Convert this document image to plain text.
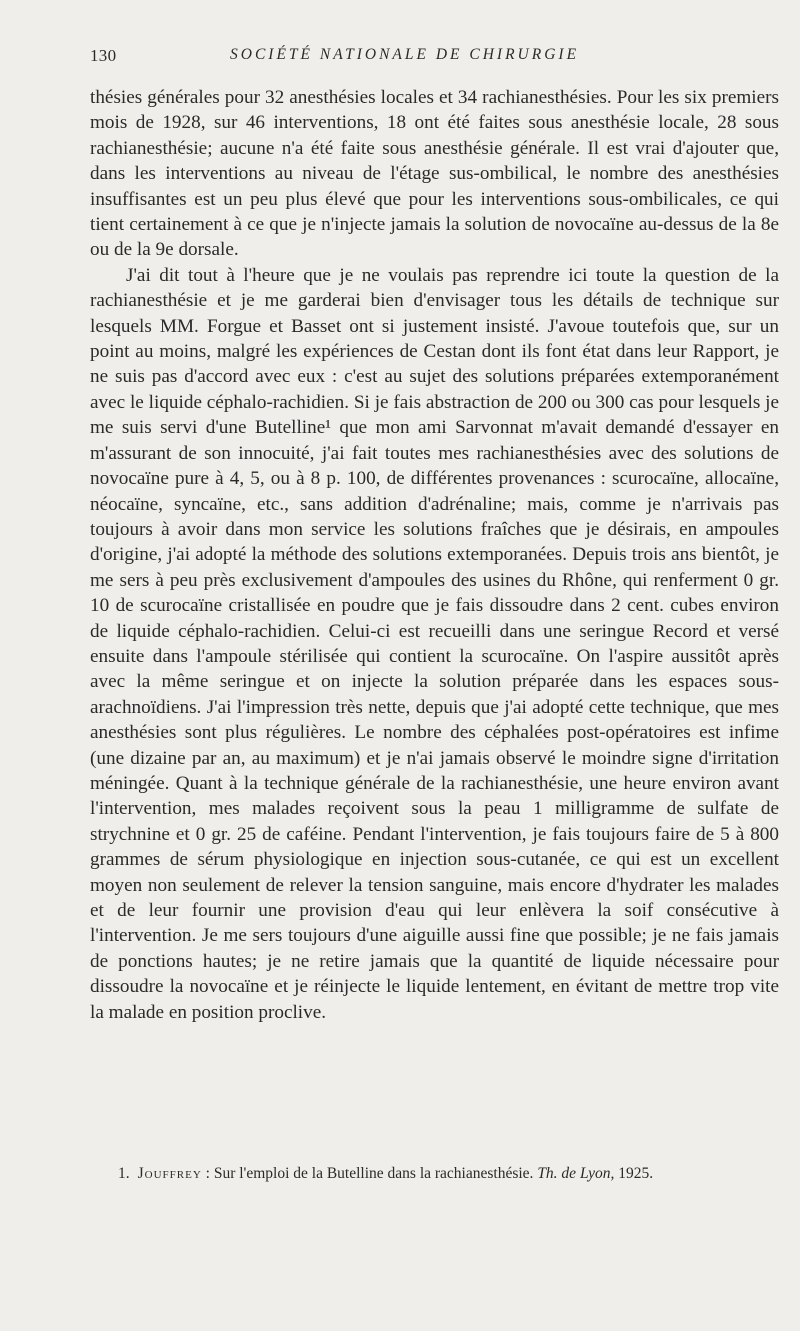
130	SOCIÉTÉ NATIONALE DE CHIRURGIE

thésies générales pour 32 anesthésies locales et 34 rachianesthésies. Pour les six premiers mois de 1928, sur 46 interventions, 18 ont été faites sous anesthésie locale, 28 sous rachianesthésie; aucune n'a été faite sous anesthésie générale. Il est vrai d'ajouter que, dans les interventions au niveau de l'étage sus-ombilical, le nombre des anesthésies insuffisantes est un peu plus élevé que pour les interventions sous-ombilicales, ce qui tient certainement à ce que je n'injecte jamais la solution de novocaïne au-dessus de la 8e ou de la 9e dorsale.

J'ai dit tout à l'heure que je ne voulais pas reprendre ici toute la question de la rachianesthésie et je me garderai bien d'envisager tous les détails de technique sur lesquels MM. Forgue et Basset ont si justement insisté. J'avoue toutefois que, sur un point au moins, malgré les expériences de Cestan dont ils font état dans leur Rapport, je ne suis pas d'accord avec eux : c'est au sujet des solutions préparées extemporanément avec le liquide céphalo-rachidien. Si je fais abstraction de 200 ou 300 cas pour lesquels je me suis servi d'une Butelline¹ que mon ami Sarvonnat m'avait demandé d'essayer en m'assurant de son innocuité, j'ai fait toutes mes rachianesthésies avec des solutions de novocaïne pure à 4, 5, ou à 8 p. 100, de différentes provenances : scurocaïne, allocaïne, néocaïne, syncaïne, etc., sans addition d'adrénaline; mais, comme je n'arrivais pas toujours à avoir dans mon service les solutions fraîches que je désirais, en ampoules d'origine, j'ai adopté la méthode des solutions extemporanées. Depuis trois ans bientôt, je me sers à peu près exclusivement d'ampoules des usines du Rhône, qui renferment 0 gr. 10 de scurocaïne cristallisée en poudre que je fais dissoudre dans 2 cent. cubes environ de liquide céphalo-rachidien. Celui-ci est recueilli dans une seringue Record et versé ensuite dans l'ampoule stérilisée qui contient la scurocaïne. On l'aspire aussitôt après avec la même seringue et on injecte la solution préparée dans les espaces sous-arachnoïdiens. J'ai l'impression très nette, depuis que j'ai adopté cette technique, que mes anesthésies sont plus régulières. Le nombre des céphalées post-opératoires est infime (une dizaine par an, au maximum) et je n'ai jamais observé le moindre signe d'irritation méningée. Quant à la technique générale de la rachianesthésie, une heure environ avant l'intervention, mes malades reçoivent sous la peau 1 milligramme de sulfate de strychnine et 0 gr. 25 de caféine. Pendant l'intervention, je fais toujours faire de 5 à 800 grammes de sérum physiologique en injection sous-cutanée, ce qui est un excellent moyen non seulement de relever la tension sanguine, mais encore d'hydrater les malades et de leur fournir une provision d'eau qui leur enlèvera la soif consécutive à l'intervention. Je me sers toujours d'une aiguille aussi fine que possible; je ne fais jamais de ponctions hautes; je ne retire jamais que la quantité de liquide nécessaire pour dissoudre la novocaïne et je réinjecte le liquide lentement, en évitant de mettre trop vite la malade en position proclive.

1. Jouffrey : Sur l'emploi de la Butelline dans la rachianesthésie. Th. de Lyon, 1925.
